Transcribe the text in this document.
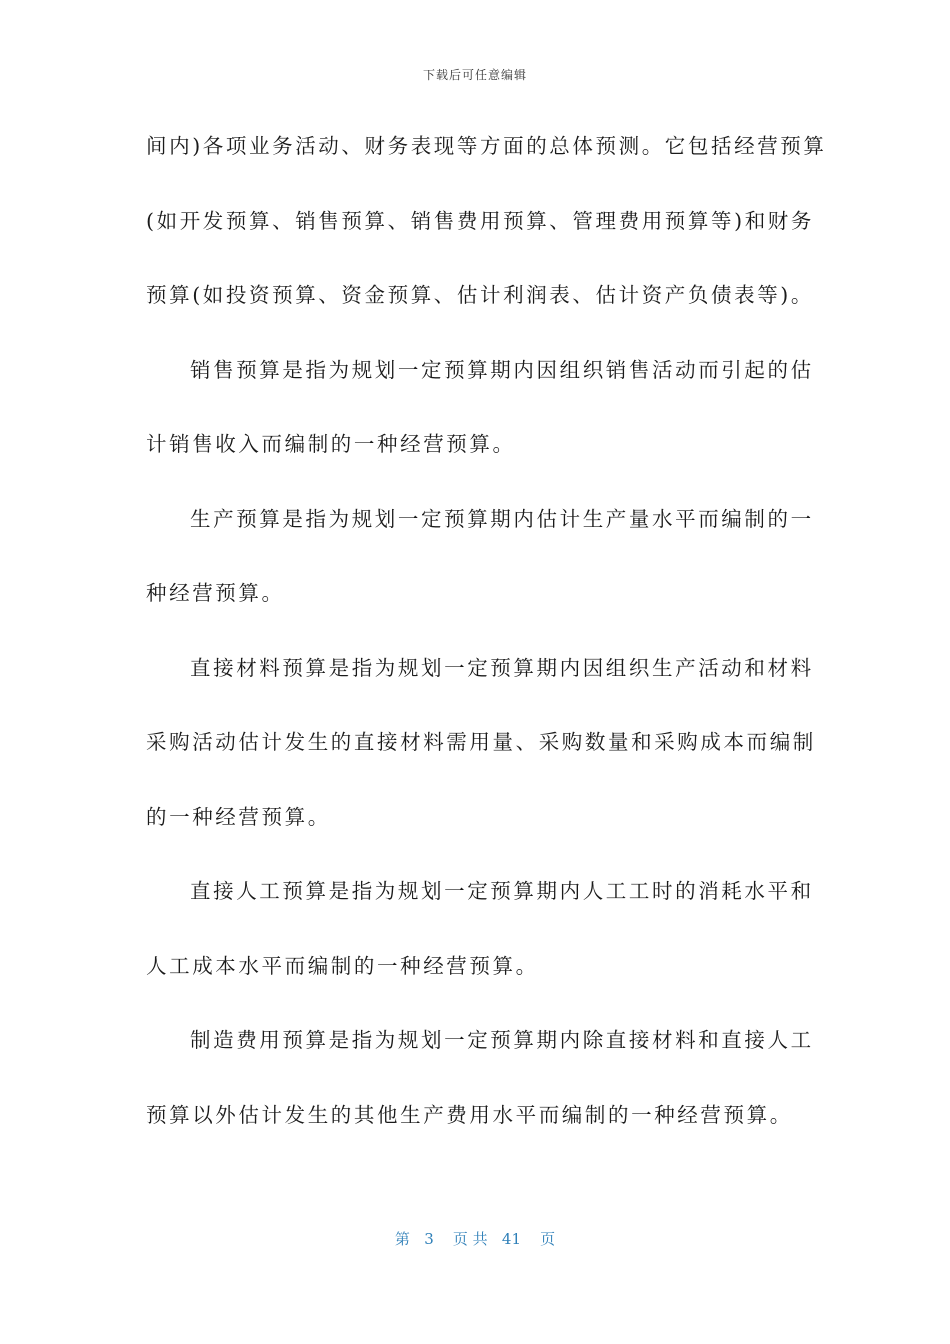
下载后可任意编辑
间内)各项业务活动、财务表现等方面的总体预测。它包括经营预算
(如开发预算、销售预算、销售费用预算、管理费用预算等)和财务
预算(如投资预算、资金预算、估计利润表、估计资产负债表等)。
销售预算是指为规划一定预算期内因组织销售活动而引起的估
计销售收入而编制的一种经营预算。
生产预算是指为规划一定预算期内估计生产量水平而编制的一
种经营预算。
直接材料预算是指为规划一定预算期内因组织生产活动和材料
采购活动估计发生的直接材料需用量、采购数量和采购成本而编制
的一种经营预算。
直接人工预算是指为规划一定预算期内人工工时的消耗水平和
人工成本水平而编制的一种经营预算。
制造费用预算是指为规划一定预算期内除直接材料和直接人工
预算以外估计发生的其他生产费用水平而编制的一种经营预算。
第 3 页 共 41 页
